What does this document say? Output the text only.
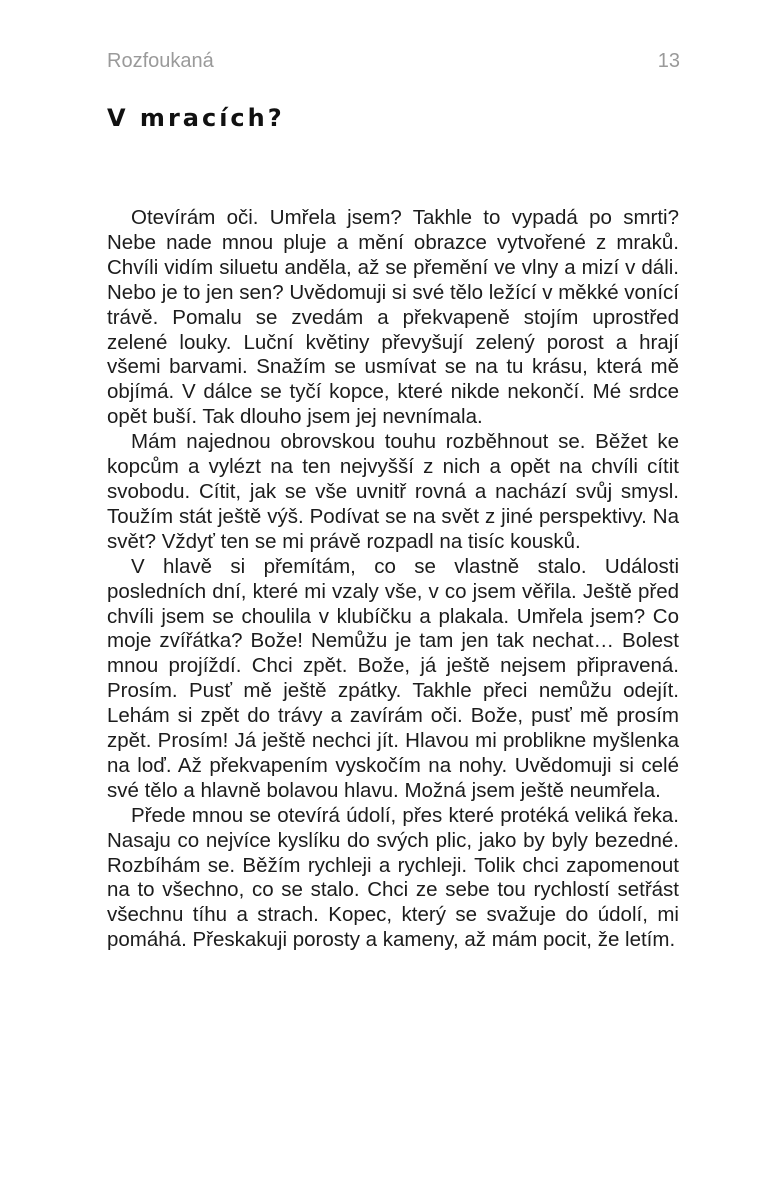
Rozfoukaná	13
V mracích?

Otevírám oči. Umřela jsem? Takhle to vypadá po smrti? Nebe nade mnou pluje a mění obrazce vytvořené z mraků. Chvíli vidím siluetu anděla, až se přemění ve vlny a mizí v dáli. Nebo je to jen sen? Uvědomuji si své tělo ležící v měkké vonící trávě. Pomalu se zvedám a překvapeně stojím uprostřed zelené louky. Luční květiny převyšují zelený porost a hrají všemi barvami. Snažím se usmívat se na tu krásu, která mě objímá. V dálce se tyčí kopce, které nikde nekončí. Mé srdce opět buší. Tak dlouho jsem jej nevnímala.

Mám najednou obrovskou touhu rozběhnout se. Běžet ke kopcům a vylézt na ten nejvyšší z nich a opět na chvíli cítit svobodu. Cítit, jak se vše uvnitř rovná a nachází svůj smysl. Toužím stát ještě výš. Podívat se na svět z jiné perspektivy. Na svět? Vždyť ten se mi právě rozpadl na tisíc kousků.

V hlavě si přemítám, co se vlastně stalo. Události posledních dní, které mi vzaly vše, v co jsem věřila. Ještě před chvíli jsem se choulila v klubíčku a plakala. Umřela jsem? Co moje zvířátka? Bože! Nemůžu je tam jen tak nechat… Bolest mnou projíždí. Chci zpět. Bože, já ještě nejsem připravená. Prosím. Pusť mě ještě zpátky. Takhle přeci nemůžu odejít. Lehám si zpět do trávy a zavírám oči. Bože, pusť mě prosím zpět. Prosím! Já ještě nechci jít. Hlavou mi problikne myšlenka na loď. Až překvapením vyskočím na nohy. Uvědomuji si celé své tělo a hlavně bolavou hlavu. Možná jsem ještě neumřela.

Přede mnou se otevírá údolí, přes které protéká veliká řeka. Nasaju co nejvíce kyslíku do svých plic, jako by byly bezedné. Rozbíhám se. Běžím rychleji a rychleji. Tolik chci zapomenout na to všechno, co se stalo. Chci ze sebe tou rychlostí setřást všechnu tíhu a strach. Kopec, který se svažuje do údolí, mi pomáhá. Přeskakuji porosty a kameny, až mám pocit, že letím.
